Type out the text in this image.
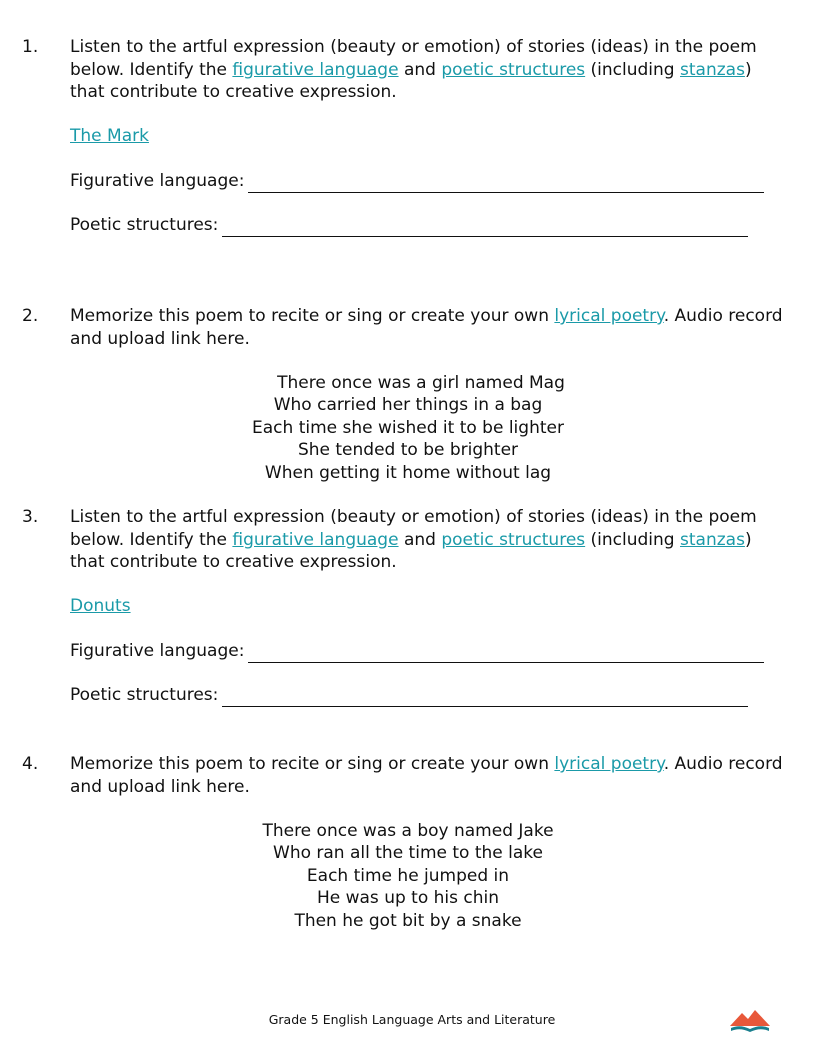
1. Listen to the artful expression (beauty or emotion) of stories (ideas) in the poem below. Identify the figurative language and poetic structures (including stanzas) that contribute to creative expression.

The Mark
Figurative language:
Poetic structures:
2. Memorize this poem to recite or sing or create your own lyrical poetry. Audio record and upload link here.

There once was a girl named Mag
Who carried her things in a bag
Each time she wished it to be lighter
She tended to be brighter
When getting it home without lag
3. Listen to the artful expression (beauty or emotion) of stories (ideas) in the poem below. Identify the figurative language and poetic structures (including stanzas) that contribute to creative expression.

Donuts
Figurative language:
Poetic structures:
4. Memorize this poem to recite or sing or create your own lyrical poetry. Audio record and upload link here.

There once was a boy named Jake
Who ran all the time to the lake
Each time he jumped in
He was up to his chin
Then he got bit by a snake
Grade 5 English Language Arts and Literature
